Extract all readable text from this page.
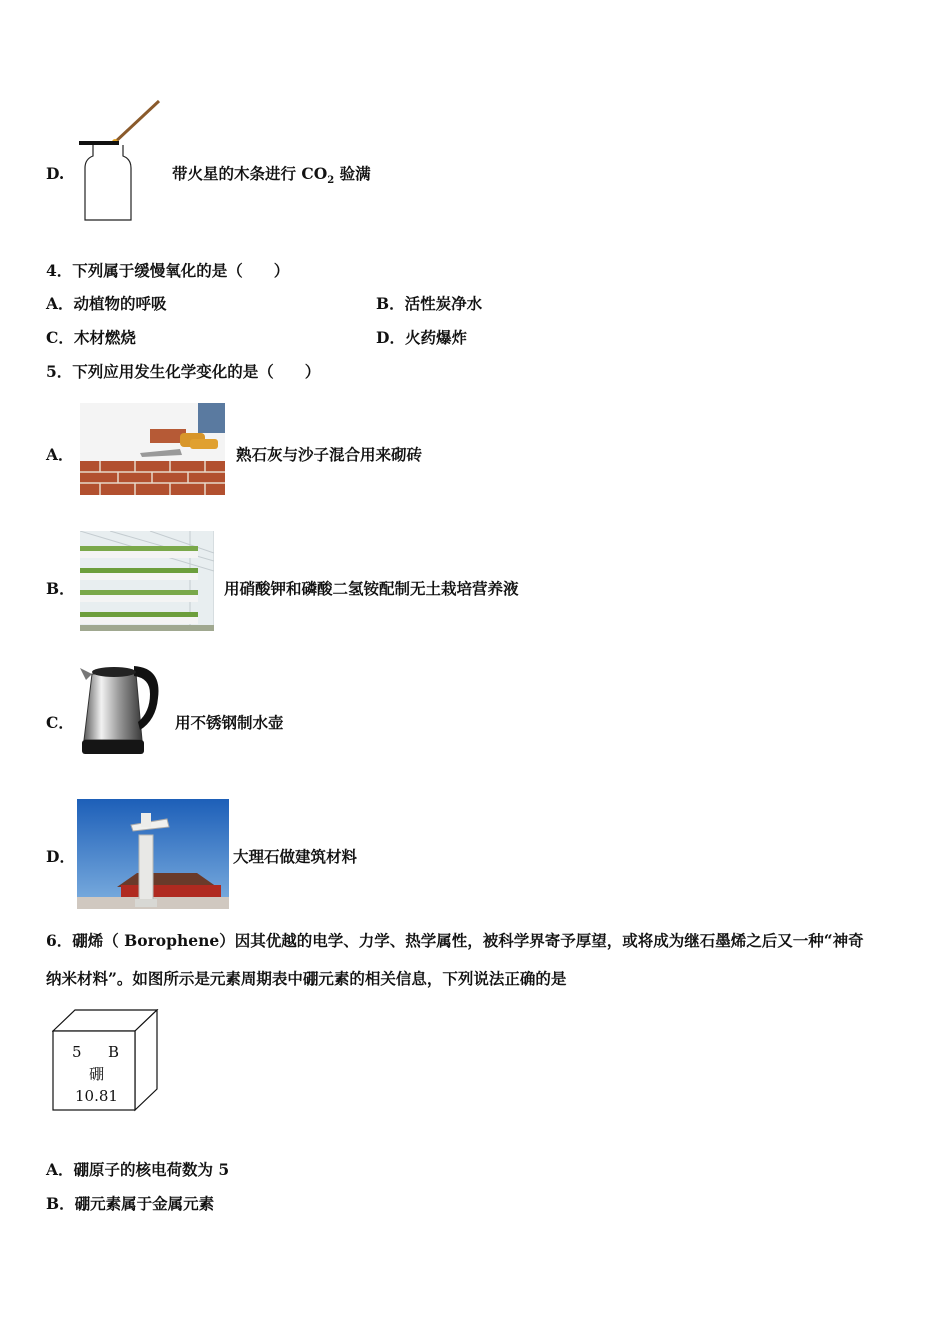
D.	带火星的木条进行 $CO_2$ 验满
4．下列属于缓慢氧化的是（　　）
A．动植物的呼吸	B．活性炭净水
C．木材燃烧	D．火药爆炸
5．下列应用发生化学变化的是（　　）
A．	熟石灰与沙子混合用来砌砖
B．	用硝酸钾和磷酸二氢铵配制无土栽培营养液
C．	用不锈钢制水壶
D．	大理石做建筑材料
6．硼烯（ Borophene）因其优越的电学、力学、热学属性，被科学界寄予厚望，或将成为继石墨烯之后又一种“神奇
纳米材料”。如图所示是元素周期表中硼元素的相关信息，下列说法正确的是
5 B
硼
10.81
A．硼原子的核电荷数为 5
B．硼元素属于金属元素
